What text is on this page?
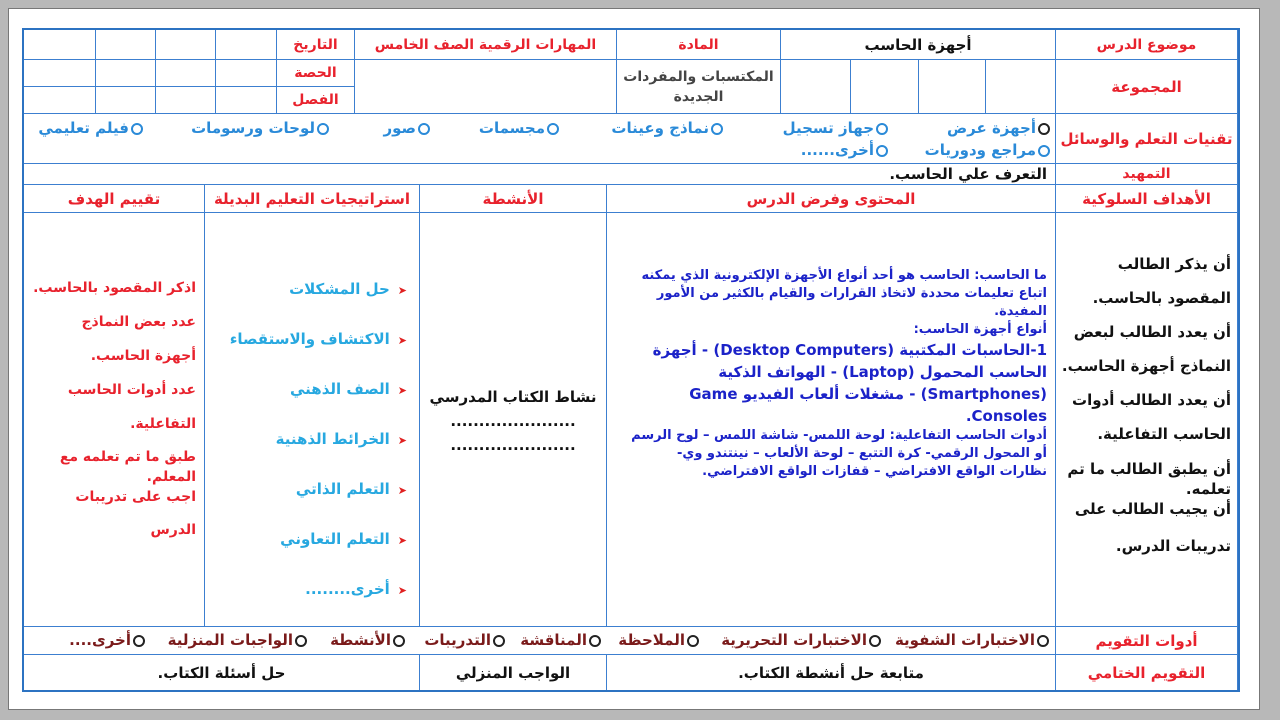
موضوع الدرس
أجهزة الحاسب
المادة
المهارات الرقمية الصف الخامس
التاريخ
المجموعة
المكتسبات والمفردات الجديدة
الحصة
الفصل
تقنيات التعلم والوسائل
أجهزة عرض
جهاز تسجيل
نماذج وعينات
مجسمات
صور
لوحات ورسومات
فيلم تعليمي
مراجع ودوريات
أخرى......
التمهيد
التعرف علي الحاسب.
الأهداف السلوكية
المحتوى وفرض الدرس
الأنشطة
استراتيجيات التعليم البديلة
تقييم الهدف
أن يذكر الطالب
المقصود بالحاسب.
أن يعدد الطالب لبعض
النماذج أجهزة الحاسب.
أن يعدد الطالب أدوات
الحاسب التفاعلية.
أن يطبق الطالب ما تم
تعلمه.
أن يجيب الطالب على
تدريبات الدرس.
ما الحاسب: الحاسب هو أحد أنواع الأجهزة الإلكترونية الذي يمكنه
اتباع تعليمات محددة لاتخاذ القرارات والقيام بالكثير من الأمور
المفيدة.
أنواع أجهزة الحاسب:
1-الحاسبات المكتبية (Desktop Computers) - أجهزة
الحاسب المحمول (Laptop) - الهواتف الذكية
(Smartphones) - مشغلات ألعاب الفيديو Game
Consoles.
أدوات الحاسب التفاعلية: لوحة اللمس- شاشة اللمس – لوح الرسم
أو المحول الرقمي- كرة التتبع – لوحة الألعاب – نينتندو وي-
نظارات الواقع الافتراضي – قفازات الواقع الافتراضي.
نشاط الكتاب المدرسي
......................
......................
➤حل المشكلات
➤الاكتشاف والاستقصاء
➤الصف الذهني
➤الخرائط الذهنية
➤التعلم الذاتي
➤التعلم التعاوني
➤أخرى........
اذكر المقصود بالحاسب.
عدد بعض النماذج
أجهزة الحاسب.
عدد أدوات الحاسب
التفاعلية.
طبق ما تم تعلمه مع
المعلم.
اجب على تدريبات
الدرس
أدوات التقويم
الاختبارات الشفوية
الاختبارات التحريرية
الملاحظة
المناقشة
التدريبات
الأنشطة
الواجبات المنزلية
أخرى....
التقويم الختامي
متابعة حل أنشطة الكتاب.
الواجب المنزلي
حل أسئلة الكتاب.
